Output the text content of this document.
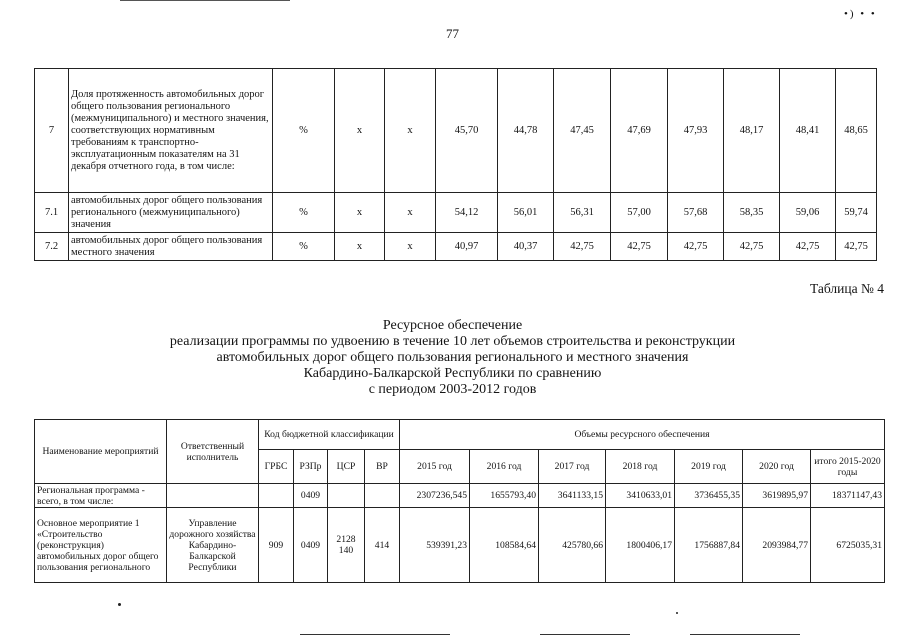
77
•) • •
7	Доля протяженность автомобильных дорог общего пользования регионального (межмуниципального) и местного значения, соответствующих нормативным требованиям к транспортно-эксплуатационным показателям на 31 декабря отчетного года, в том числе:	%	x	x	45,70	44,78	47,45	47,69	47,93	48,17	48,41	48,65
7.1	автомобильных дорог общего пользования регионального (межмуниципального) значения	%	x	x	54,12	56,01	56,31	57,00	57,68	58,35	59,06	59,74
7.2	автомобильных дорог общего пользования местного значения	%	x	x	40,97	40,37	42,75	42,75	42,75	42,75	42,75	42,75
Таблица № 4
Ресурсное обеспечение
реализации программы по удвоению в течение 10 лет объемов строительства и реконструкции
автомобильных дорог общего пользования регионального и местного значения
Кабардино-Балкарской Республики по сравнению
с периодом 2003-2012 годов
Наименование мероприятий	Ответственный исполнитель	Код бюджетной классификации				Объемы ресурсного обеспечения						
		ГРБС	РЗПр	ЦСР	ВР	2015 год	2016 год	2017 год	2018 год	2019 год	2020 год	итого 2015-2020 годы
Региональная программа - всего, в том числе:			0409			2307236,545	1655793,40	3641133,15	3410633,01	3736455,35	3619895,97	18371147,43
Основное мероприятие 1 «Строительство (реконструкция) автомобильных дорог общего пользования регионального	Управление дорожного хозяйства Кабардино-Балкарской Республики	909	0409	2128 140	414	539391,23	108584,64	425780,66	1800406,17	1756887,84	2093984,77	6725035,31
